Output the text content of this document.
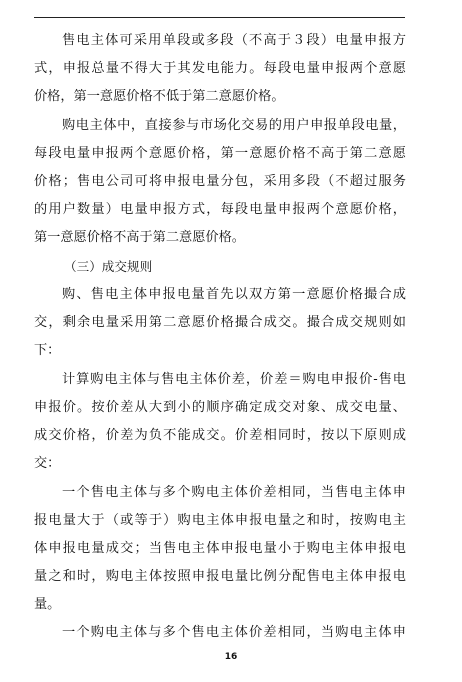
售电主体可采用单段或多段（不高于３段）电量申报方
式，申报总量不得大于其发电能力。每段电量申报两个意愿
价格，第一意愿价格不低于第二意愿价格。
购电主体中，直接参与市场化交易的用户申报单段电量，
每段电量申报两个意愿价格，第一意愿价格不高于第二意愿
价格；售电公司可将申报电量分包，采用多段（不超过服务
的用户数量）电量申报方式，每段电量申报两个意愿价格，
第一意愿价格不高于第二意愿价格。
（三）成交规则
购、售电主体申报电量首先以双方第一意愿价格撮合成
交，剩余电量采用第二意愿价格撮合成交。撮合成交规则如
下：
计算购电主体与售电主体价差，价差＝购电申报价-售电
申报价。按价差从大到小的顺序确定成交对象、成交电量、
成交价格，价差为负不能成交。价差相同时，按以下原则成
交：
一个售电主体与多个购电主体价差相同，当售电主体申
报电量大于（或等于）购电主体申报电量之和时，按购电主
体申报电量成交；当售电主体申报电量小于购电主体申报电
量之和时，购电主体按照申报电量比例分配售电主体申报电
16
量。
一个购电主体与多个售电主体价差相同，当购电主体申
